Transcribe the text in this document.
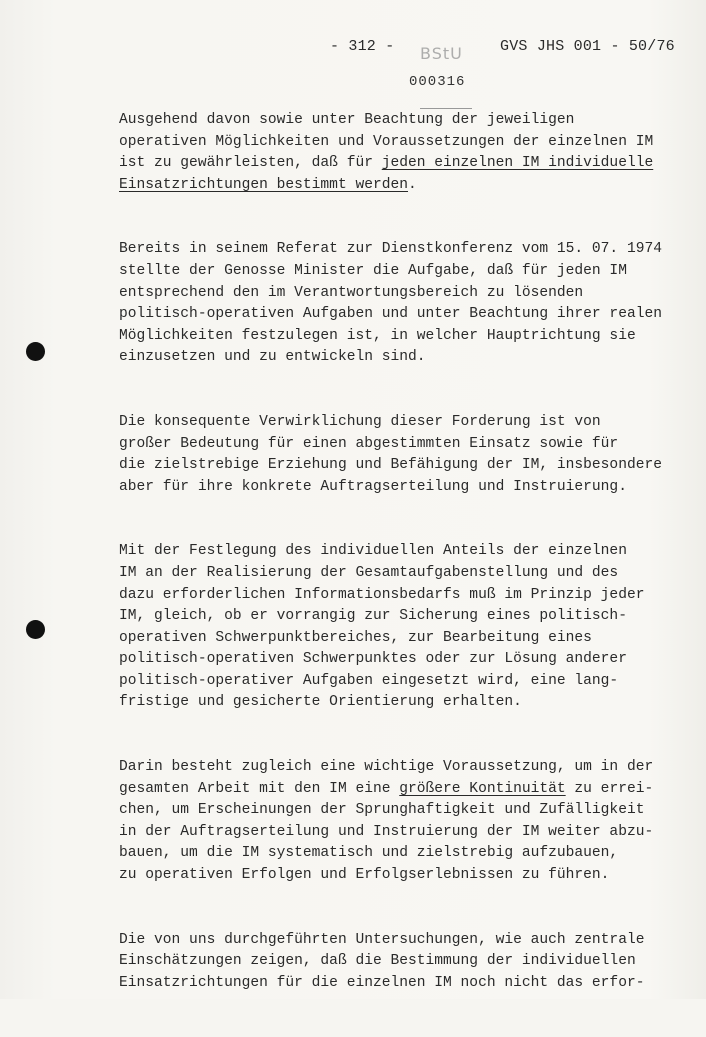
- 312 -	GVS JHS 001 - 50/76
BStU
000316
Ausgehend davon sowie unter Beachtung der jeweiligen
operativen Möglichkeiten und Voraussetzungen der einzelnen IM
ist zu gewährleisten, daß für jeden einzelnen IM individuelle
Einsatzrichtungen bestimmt werden.
Bereits in seinem Referat zur Dienstkonferenz vom 15. 07. 1974
stellte der Genosse Minister die Aufgabe, daß für jeden IM
entsprechend den im Verantwortungsbereich zu lösenden
politisch-operativen Aufgaben und unter Beachtung ihrer realen
Möglichkeiten festzulegen ist, in welcher Hauptrichtung sie
einzusetzen und zu entwickeln sind.
Die konsequente Verwirklichung dieser Forderung ist von
großer Bedeutung für einen abgestimmten Einsatz sowie für
die zielstrebige Erziehung und Befähigung der IM, insbesondere
aber für ihre konkrete Auftragserteilung und Instruierung.
Mit der Festlegung des individuellen Anteils der einzelnen
IM an der Realisierung der Gesamtaufgabenstellung und des
dazu erforderlichen Informationsbedarfs muß im Prinzip jeder
IM, gleich, ob er vorrangig zur Sicherung eines politisch-
operativen Schwerpunktbereiches, zur Bearbeitung eines
politisch-operativen Schwerpunktes oder zur Lösung anderer
politisch-operativer Aufgaben eingesetzt wird, eine lang-
fristige und gesicherte Orientierung erhalten.
Darin besteht zugleich eine wichtige Voraussetzung, um in der
gesamten Arbeit mit den IM eine größere Kontinuität zu errei-
chen, um Erscheinungen der Sprunghaftigkeit und Zufälligkeit
in der Auftragserteilung und Instruierung der IM weiter abzu-
bauen, um die IM systematisch und zielstrebig aufzubauen,
zu operativen Erfolgen und Erfolgserlebnissen zu führen.
Die von uns durchgeführten Untersuchungen, wie auch zentrale
Einschätzungen zeigen, daß die Bestimmung der individuellen
Einsatzrichtungen für die einzelnen IM noch nicht das erfor-
